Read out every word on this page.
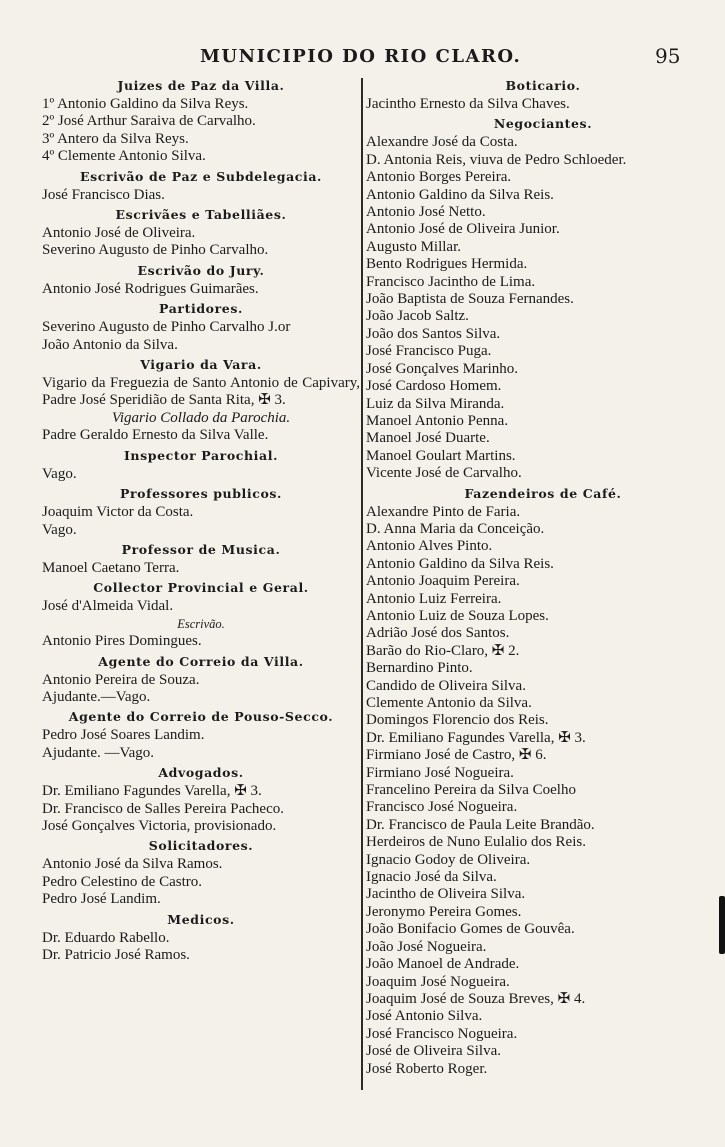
MUNICIPIO DO RIO CLARO.	95
Juizes de Paz da Villa.
1º Antonio Galdino da Silva Reys.
2º José Arthur Saraiva de Carvalho.
3º Antero da Silva Reys.
4º Clemente Antonio Silva.
Escrivão de Paz e Subdelegacia.
José Francisco Dias.
Escrivães e Tabelliães.
Antonio José de Oliveira.
Severino Augusto de Pinho Carvalho.
Escrivão do Jury.
Antonio José Rodrigues Guimarães.
Partidores.
Severino Augusto de Pinho Carvalho J.or
João Antonio da Silva.
Vigario da Vara.
Vigario da Freguezia de Santo Antonio de Capivary, Padre José Speridião de Santa Rita, ✠ 3.
Vigario Collado da Parochia.
Padre Geraldo Ernesto da Silva Valle.
Inspector Parochial.
Vago.
Professores publicos.
Joaquim Victor da Costa.
Vago.
Professor de Musica.
Manoel Caetano Terra.
Collector Provincial e Geral.
José d'Almeida Vidal.
Escrivão.
Antonio Pires Domingues.
Agente do Correio da Villa.
Antonio Pereira de Souza.
Ajudante.—Vago.
Agente do Correio de Pouso-Secco.
Pedro José Soares Landim.
Ajudante. —Vago.
Advogados.
Dr. Emiliano Fagundes Varella, ✠ 3.
Dr. Francisco de Salles Pereira Pacheco.
José Gonçalves Victoria, provisionado.
Solicitadores.
Antonio José da Silva Ramos.
Pedro Celestino de Castro.
Pedro José Landim.
Medicos.
Dr. Eduardo Rabello.
Dr. Patricio José Ramos.
Boticario.
Jacintho Ernesto da Silva Chaves.
Negociantes.
Alexandre José da Costa.
D. Antonia Reis, viuva de Pedro Schloeder.
Antonio Borges Pereira.
Antonio Galdino da Silva Reis.
Antonio José Netto.
Antonio José de Oliveira Junior.
Augusto Millar.
Bento Rodrigues Hermida.
Francisco Jacintho de Lima.
João Baptista de Souza Fernandes.
João Jacob Saltz.
João dos Santos Silva.
José Francisco Puga.
José Gonçalves Marinho.
José Cardoso Homem.
Luiz da Silva Miranda.
Manoel Antonio Penna.
Manoel José Duarte.
Manoel Goulart Martins.
Vicente José de Carvalho.
Fazendeiros de Café.
Alexandre Pinto de Faria.
D. Anna Maria da Conceição.
Antonio Alves Pinto.
Antonio Galdino da Silva Reis.
Antonio Joaquim Pereira.
Antonio Luiz Ferreira.
Antonio Luiz de Souza Lopes.
Adrião José dos Santos.
Barão do Rio-Claro, ✠ 2.
Bernardino Pinto.
Candido de Oliveira Silva.
Clemente Antonio da Silva.
Domingos Florencio dos Reis.
Dr. Emiliano Fagundes Varella, ✠ 3.
Firmiano José de Castro, ✠ 6.
Firmiano José Nogueira.
Francelino Pereira da Silva Coelho
Francisco José Nogueira.
Dr. Francisco de Paula Leite Brandão.
Herdeiros de Nuno Eulalio dos Reis.
Ignacio Godoy de Oliveira.
Ignacio José da Silva.
Jacintho de Oliveira Silva.
Jeronymo Pereira Gomes.
João Bonifacio Gomes de Gouvêa.
João José Nogueira.
João Manoel de Andrade.
Joaquim José Nogueira.
Joaquim José de Souza Breves, ✠ 4.
José Antonio Silva.
José Francisco Nogueira.
José de Oliveira Silva.
José Roberto Roger.
